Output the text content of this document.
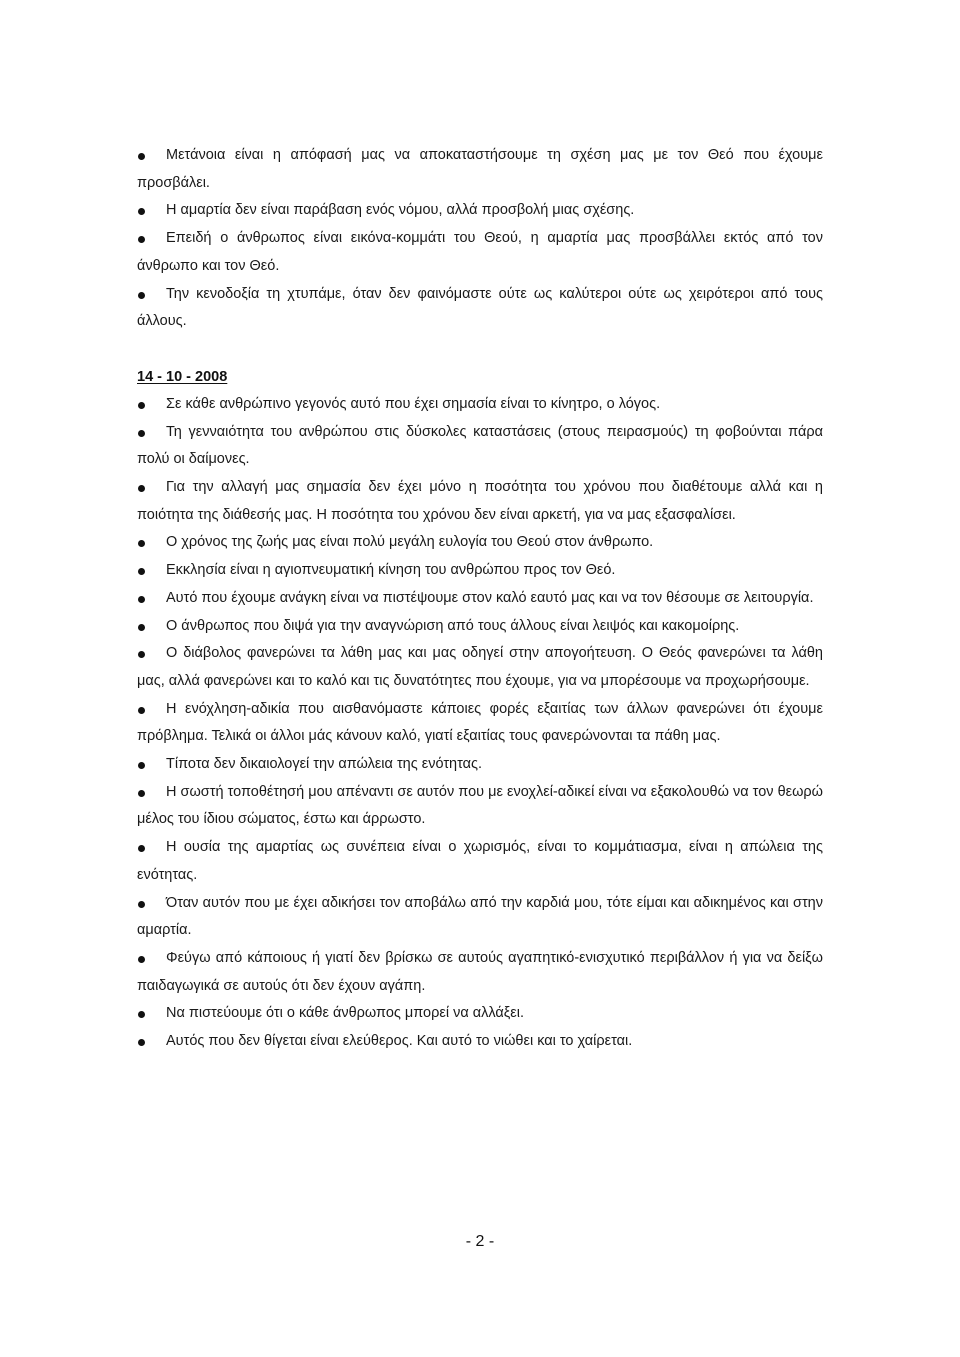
Μετάνοια είναι η απόφασή μας να αποκαταστήσουμε τη σχέση μας με τον Θεό που έχουμε προσβάλει.
Η αμαρτία δεν είναι παράβαση ενός νόμου, αλλά προσβολή μιας σχέσης.
Επειδή ο άνθρωπος είναι εικόνα-κομμάτι του Θεού, η αμαρτία μας προσβάλλει εκτός από τον άνθρωπο και τον Θεό.
Την κενοδοξία τη χτυπάμε, όταν δεν φαινόμαστε ούτε ως καλύτεροι ούτε ως χειρότεροι από τους άλλους.
14 - 10 - 2008
Σε κάθε ανθρώπινο γεγονός αυτό που έχει σημασία είναι το κίνητρο, ο λόγος.
Τη γενναιότητα του ανθρώπου στις δύσκολες καταστάσεις (στους πειρασμούς) τη φοβούνται πάρα πολύ οι δαίμονες.
Για την αλλαγή μας σημασία δεν έχει μόνο η ποσότητα του χρόνου που διαθέτουμε αλλά και η ποιότητα της διάθεσής μας. Η ποσότητα του χρόνου δεν είναι αρκετή, για να μας εξασφαλίσει.
Ο χρόνος της ζωής μας είναι πολύ μεγάλη ευλογία του Θεού στον άνθρωπο.
Εκκλησία είναι η αγιοπνευματική κίνηση του ανθρώπου προς τον Θεό.
Αυτό που έχουμε ανάγκη είναι να πιστέψουμε στον καλό εαυτό μας και να τον θέσουμε σε λειτουργία.
Ο άνθρωπος που διψά για την αναγνώριση από τους άλλους είναι λειψός και κακομοίρης.
Ο διάβολος φανερώνει τα λάθη μας και μας οδηγεί στην απογοήτευση. Ο Θεός φανερώνει τα λάθη μας, αλλά φανερώνει και το καλό και τις δυνατότητες που έχουμε, για να μπορέσουμε να προχωρήσουμε.
Η ενόχληση-αδικία που αισθανόμαστε κάποιες φορές εξαιτίας των άλλων φανερώνει ότι έχουμε πρόβλημα. Τελικά οι άλλοι μάς κάνουν καλό, γιατί εξαιτίας τους φανερώνονται τα πάθη μας.
Τίποτα δεν δικαιολογεί την απώλεια της ενότητας.
Η σωστή τοποθέτησή μου απέναντι σε αυτόν που με ενοχλεί-αδικεί είναι να εξακολουθώ να τον θεωρώ μέλος του ίδιου σώματος, έστω και άρρωστο.
Η ουσία της αμαρτίας ως συνέπεια είναι ο χωρισμός, είναι το κομμάτιασμα, είναι η απώλεια της ενότητας.
Όταν αυτόν που με έχει αδικήσει τον αποβάλω από την καρδιά μου, τότε είμαι και αδικημένος και στην αμαρτία.
Φεύγω από κάποιους ή γιατί δεν βρίσκω σε αυτούς αγαπητικό-ενισχυτικό περιβάλλον ή για να δείξω παιδαγωγικά σε αυτούς ότι δεν έχουν αγάπη.
Να πιστεύουμε ότι ο κάθε άνθρωπος μπορεί να αλλάξει.
Αυτός που δεν θίγεται είναι ελεύθερος. Και αυτό το νιώθει και το χαίρεται.
- 2 -
